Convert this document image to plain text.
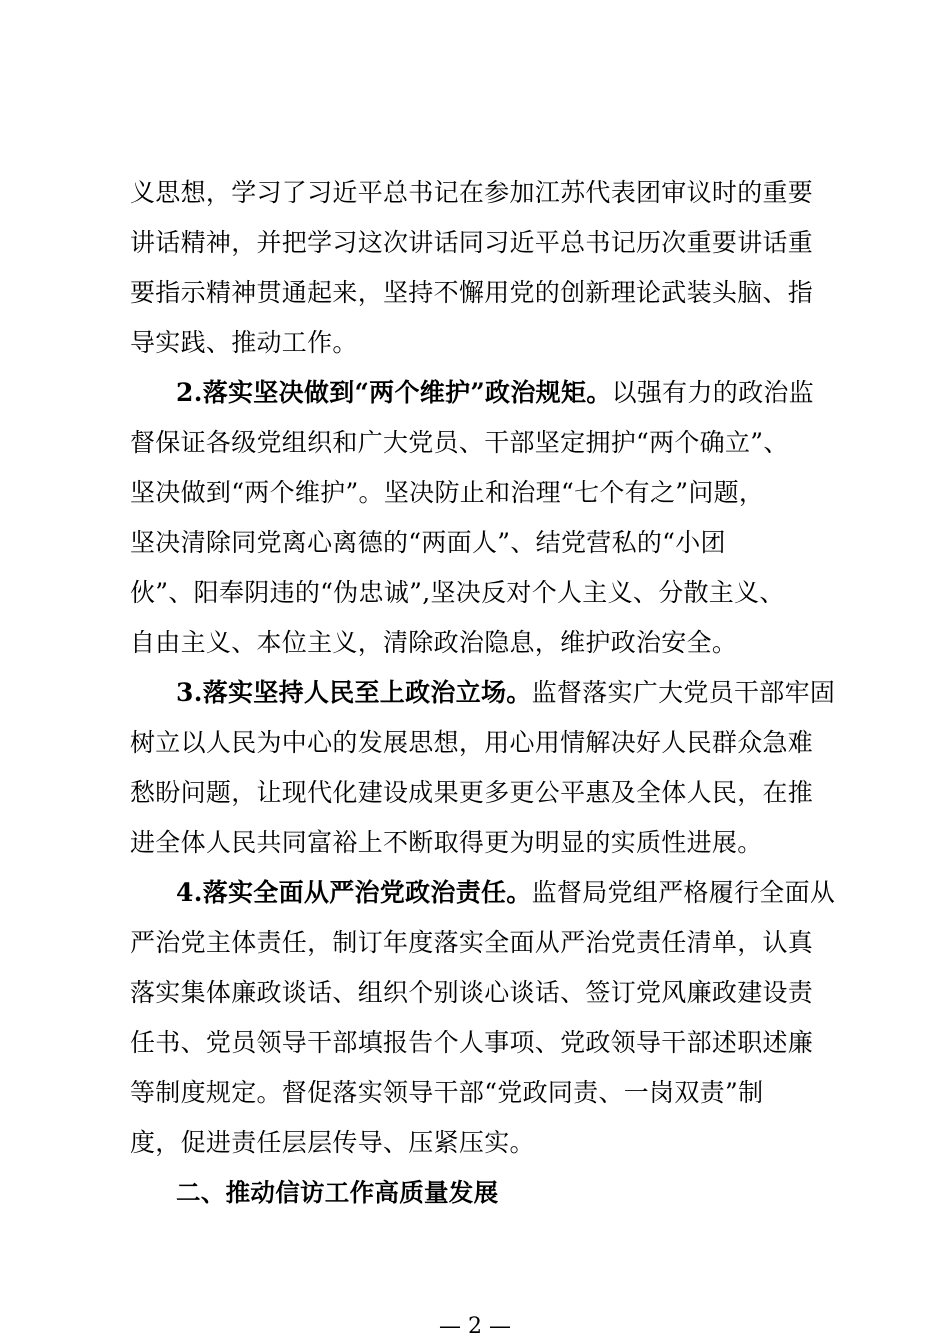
义思想，学习了习近平总书记在参加江苏代表团审议时的重要
讲话精神，并把学习这次讲话同习近平总书记历次重要讲话重
要指示精神贯通起来，坚持不懈用党的创新理论武装头脑、指
导实践、推动工作。
2.落实坚决做到“两个维护”政治规矩。以强有力的政治监
督保证各级党组织和广大党员、干部坚定拥护“两个确立”、
坚决做到“两个维护”。坚决防止和治理“七个有之”问题，
坚决清除同党离心离德的“两面人”、结党营私的“小团
伙”、阳奉阴违的“伪忠诚”,坚决反对个人主义、分散主义、
自由主义、本位主义，清除政治隐息，维护政治安全。
3.落实坚持人民至上政治立场。监督落实广大党员干部牢固
树立以人民为中心的发展思想，用心用情解决好人民群众急难
愁盼问题，让现代化建设成果更多更公平惠及全体人民，在推
进全体人民共同富裕上不断取得更为明显的实质性进展。
4.落实全面从严治党政治责任。监督局党组严格履行全面从
严治党主体责任，制订年度落实全面从严治党责任清单，认真
落实集体廉政谈话、组织个别谈心谈话、签订党风廉政建设责
任书、党员领导干部填报告个人事项、党政领导干部述职述廉
等制度规定。督促落实领导干部“党政同责、一岗双责”制
度，促进责任层层传导、压紧压实。
二、推动信访工作高质量发展
— 2 —
